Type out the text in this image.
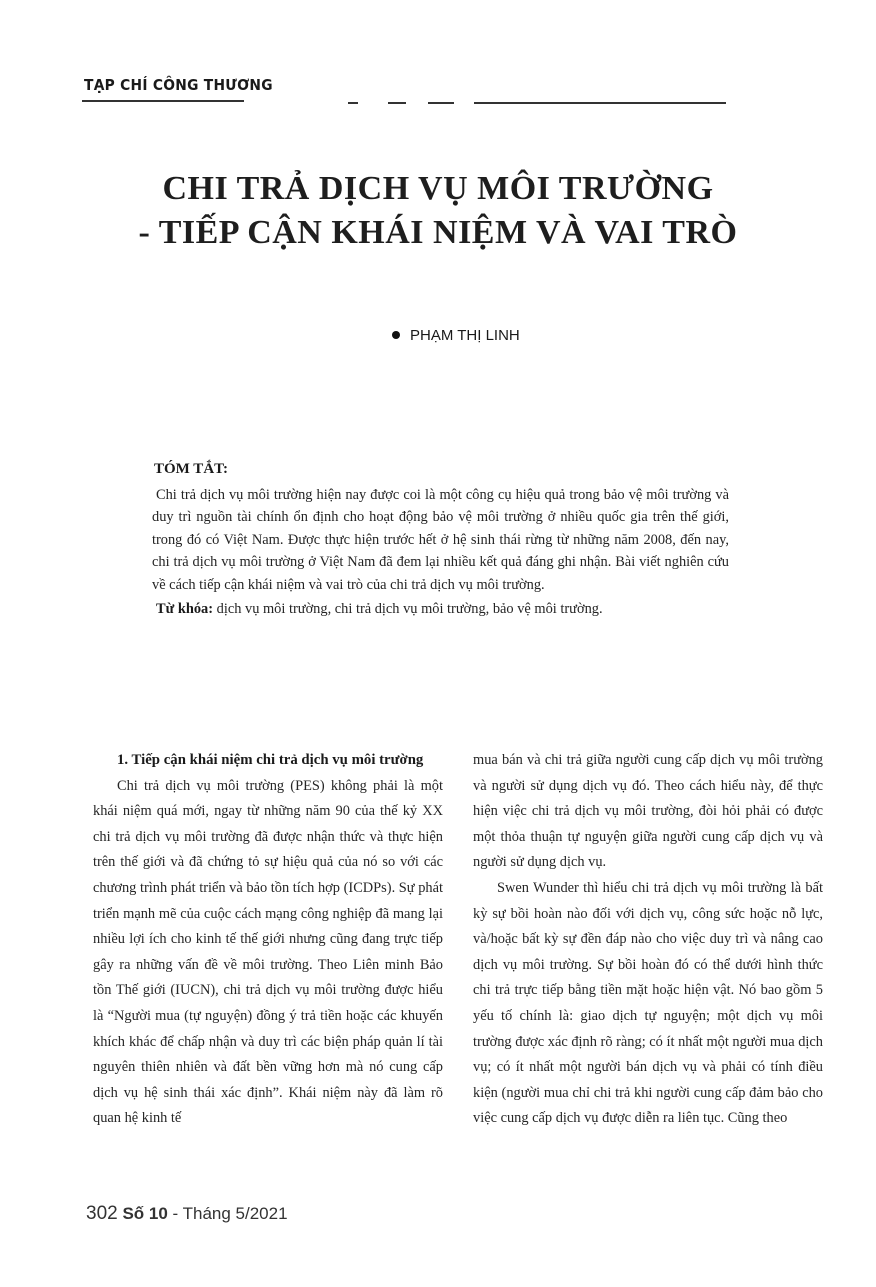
TẠP CHÍ CÔNG THƯƠNG
CHI TRẢ DỊCH VỤ MÔI TRƯỜNG
- TIẾP CẬN KHÁI NIỆM VÀ VAI TRÒ
PHẠM THỊ LINH
TÓM TẮT:

Chi trả dịch vụ môi trường hiện nay được coi là một công cụ hiệu quả trong bảo vệ môi trường và duy trì nguồn tài chính ổn định cho hoạt động bảo vệ môi trường ở nhiều quốc gia trên thế giới, trong đó có Việt Nam. Được thực hiện trước hết ở hệ sinh thái rừng từ những năm 2008, đến nay, chi trả dịch vụ môi trường ở Việt Nam đã đem lại nhiều kết quả đáng ghi nhận. Bài viết nghiên cứu về cách tiếp cận khái niệm và vai trò của chi trả dịch vụ môi trường.

Từ khóa: dịch vụ môi trường, chi trả dịch vụ môi trường, bảo vệ môi trường.
1. Tiếp cận khái niệm chi trả dịch vụ môi trường

Chi trả dịch vụ môi trường (PES) không phải là một khái niệm quá mới, ngay từ những năm 90 của thế kỷ XX chi trả dịch vụ môi trường đã được nhận thức và thực hiện trên thế giới và đã chứng tỏ sự hiệu quả của nó so với các chương trình phát triển và bảo tồn tích hợp (ICDPs). Sự phát triển mạnh mẽ của cuộc cách mạng công nghiệp đã mang lại nhiều lợi ích cho kinh tế thế giới nhưng cũng đang trực tiếp gây ra những vấn đề về môi trường. Theo Liên minh Bảo tồn Thế giới (IUCN), chi trả dịch vụ môi trường được hiểu là “Người mua (tự nguyện) đồng ý trả tiền hoặc các khuyến khích khác để chấp nhận và duy trì các biện pháp quản lí tài nguyên thiên nhiên và đất bền vững hơn mà nó cung cấp dịch vụ hệ sinh thái xác định”. Khái niệm này đã làm rõ quan hệ kinh tế

mua bán và chi trả giữa người cung cấp dịch vụ môi trường và người sử dụng dịch vụ đó. Theo cách hiểu này, để thực hiện việc chi trả dịch vụ môi trường, đòi hỏi phải có được một thỏa thuận tự nguyện giữa người cung cấp dịch vụ và người sử dụng dịch vụ.

Swen Wunder thì hiểu chi trả dịch vụ môi trường là bất kỳ sự bồi hoàn nào đối với dịch vụ, công sức hoặc nỗ lực, và/hoặc bất kỳ sự đền đáp nào cho việc duy trì và nâng cao dịch vụ môi trường. Sự bồi hoàn đó có thể dưới hình thức chi trả trực tiếp bằng tiền mặt hoặc hiện vật. Nó bao gồm 5 yếu tố chính là: giao dịch tự nguyện; một dịch vụ môi trường được xác định rõ ràng; có ít nhất một người mua dịch vụ; có ít nhất một người bán dịch vụ và phải có tính điều kiện (người mua chỉ chi trả khi người cung cấp đảm bảo cho việc cung cấp dịch vụ được diễn ra liên tục. Cũng theo

302 Số 10 - Tháng 5/2021
